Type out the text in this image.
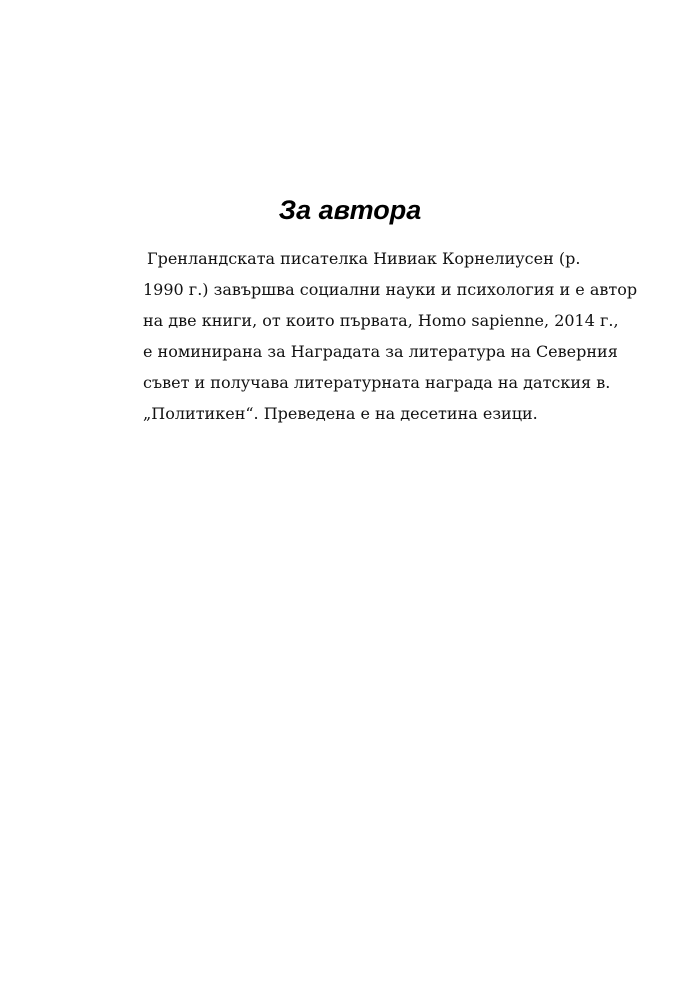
За автора
Гренландската писателка Нивиак Корнелиусен (р.
1990 г.) завършва социални науки и психология и е автор
на две книги, от които първата, Homo sapienne, 2014 г.,
е номинирана за Наградата за литература на Северния
съвет и получава литературната награда на датския в.
„Политикен“. Преведена е на десетина езици.
